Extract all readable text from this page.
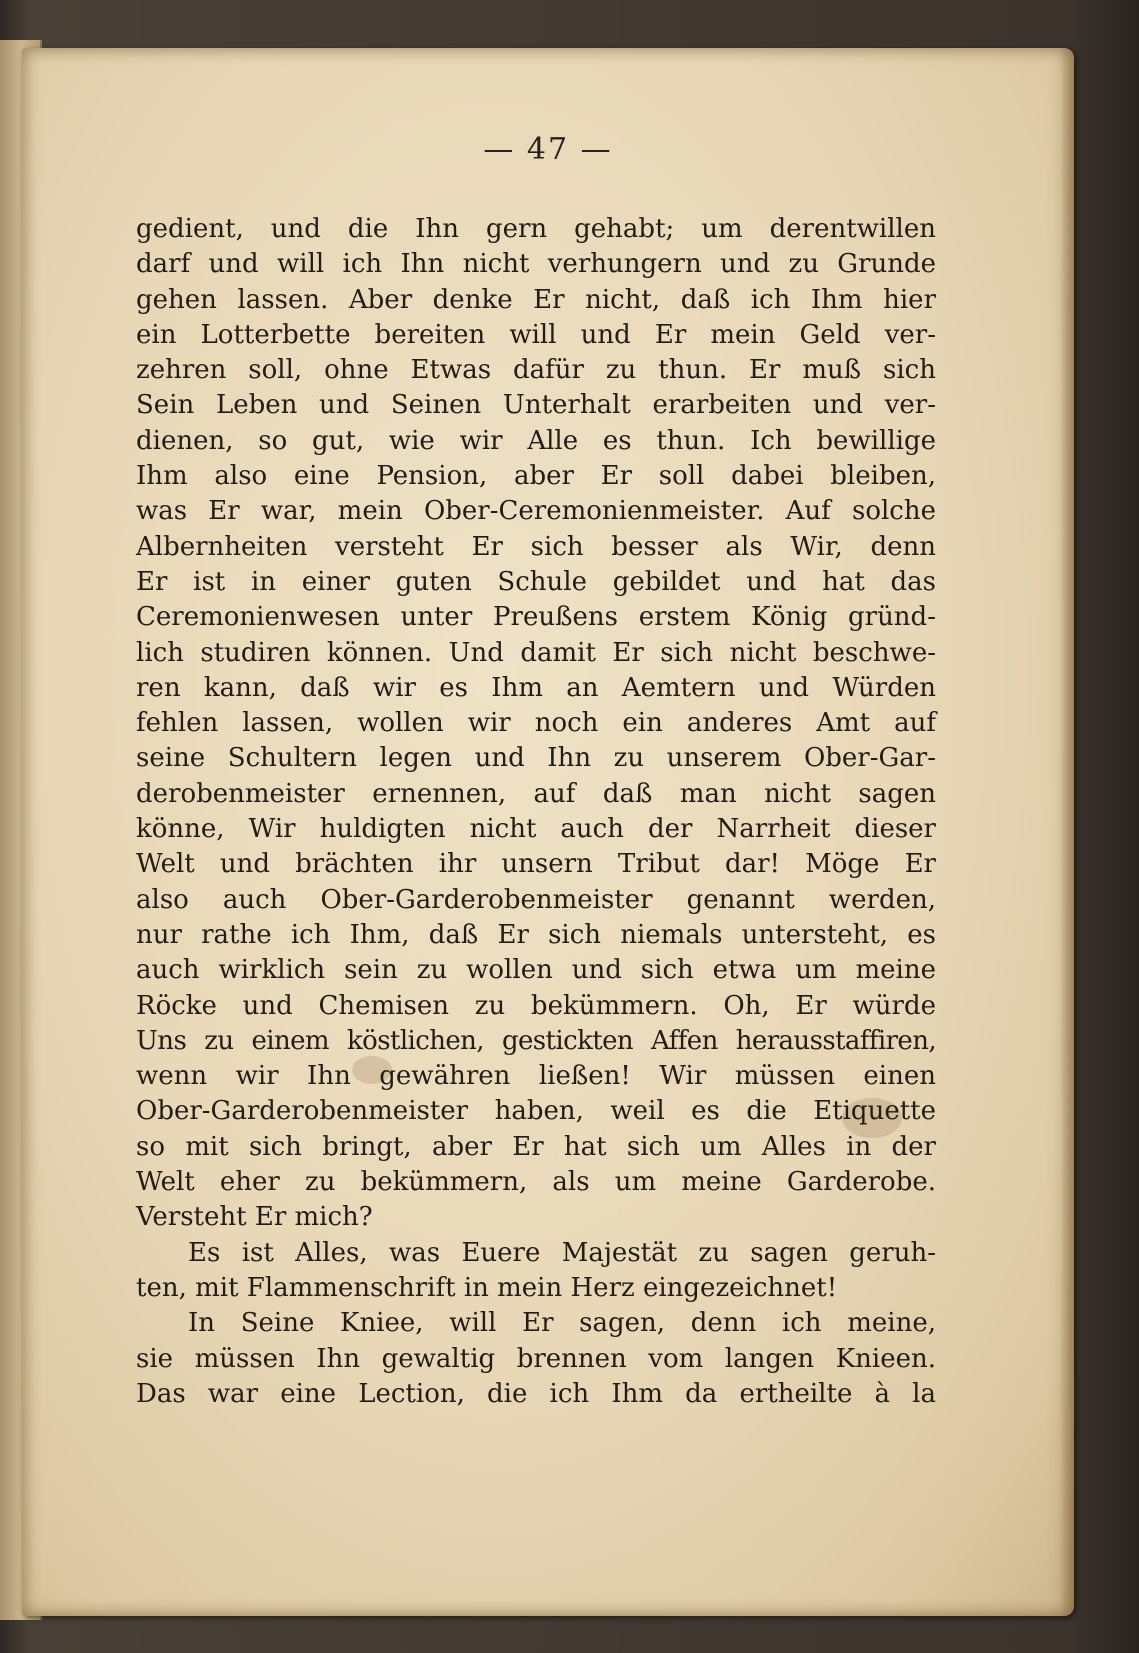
— 47 —
gedient, und die Ihn gern gehabt; um derentwillen
darf und will ich Ihn nicht verhungern und zu Grunde
gehen lassen. Aber denke Er nicht, daß ich Ihm hier
ein Lotterbette bereiten will und Er mein Geld ver-
zehren soll, ohne Etwas dafür zu thun. Er muß sich
Sein Leben und Seinen Unterhalt erarbeiten und ver-
dienen, so gut, wie wir Alle es thun. Ich bewillige
Ihm also eine Pension, aber Er soll dabei bleiben,
was Er war, mein Ober-Ceremonienmeister. Auf solche
Albernheiten versteht Er sich besser als Wir, denn
Er ist in einer guten Schule gebildet und hat das
Ceremonienwesen unter Preußens erstem König gründ-
lich studiren können. Und damit Er sich nicht beschwe-
ren kann, daß wir es Ihm an Aemtern und Würden
fehlen lassen, wollen wir noch ein anderes Amt auf
seine Schultern legen und Ihn zu unserem Ober-Gar-
derobenmeister ernennen, auf daß man nicht sagen
könne, Wir huldigten nicht auch der Narrheit dieser
Welt und brächten ihr unsern Tribut dar! Möge Er
also auch Ober-Garderobenmeister genannt werden,
nur rathe ich Ihm, daß Er sich niemals untersteht, es
auch wirklich sein zu wollen und sich etwa um meine
Röcke und Chemisen zu bekümmern. Oh, Er würde
Uns zu einem köstlichen, gestickten Affen herausstaffiren,
wenn wir Ihn gewähren ließen! Wir müssen einen
Ober-Garderobenmeister haben, weil es die Etiquette
so mit sich bringt, aber Er hat sich um Alles in der
Welt eher zu bekümmern, als um meine Garderobe.
Versteht Er mich?
Es ist Alles, was Euere Majestät zu sagen geruh-
ten, mit Flammenschrift in mein Herz eingezeichnet!
In Seine Kniee, will Er sagen, denn ich meine,
sie müssen Ihn gewaltig brennen vom langen Knieen.
Das war eine Lection, die ich Ihm da ertheilte à la
